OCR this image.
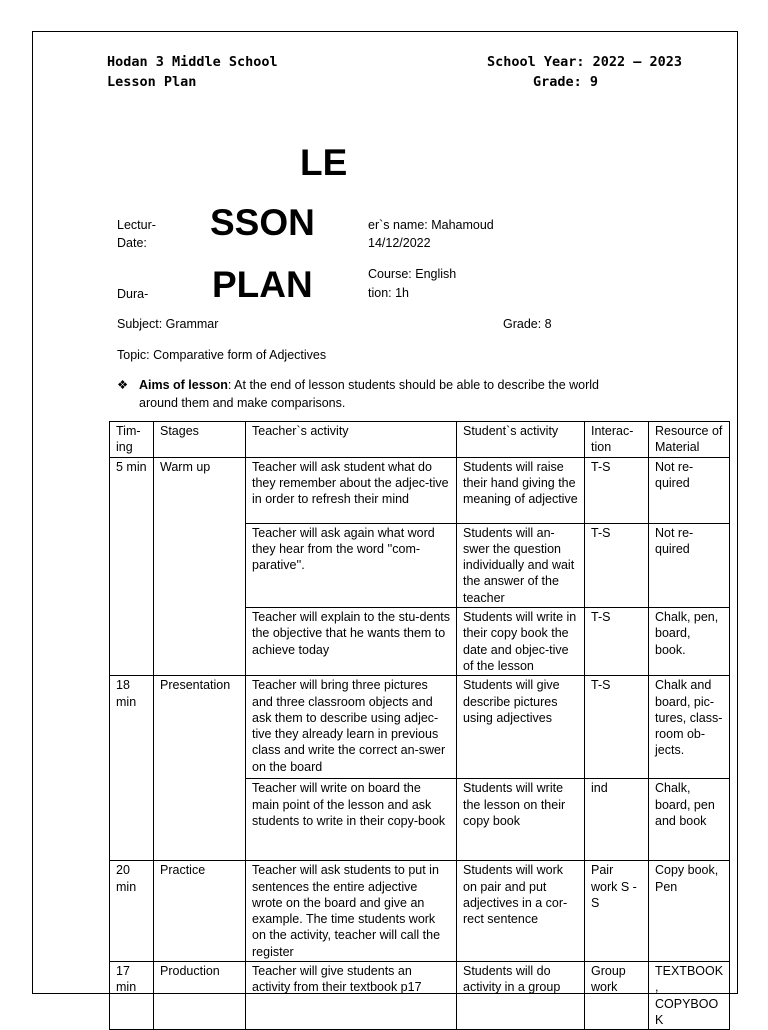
Hodan 3 Middle School
Lesson Plan
School Year: 2022 – 2023
Grade: 9
LE
SSON
PLAN
Lectur-	er`s name: Mahamoud
Date:	14/12/2022
Course: English
Dura-	tion: 1h
Subject: Grammar	Grade: 8
Topic: Comparative form of Adjectives
❖ Aims of lesson: At the end of lesson students should be able to describe the world around them and make comparisons.
Tim-ing	Stages	Teacher`s activity	Student`s activity	Interac-tion	Resource of Material
5 min	Warm up	Teacher will ask student what do they remember about the adjec-tive in order to refresh their mind	Students will raise their hand giving the meaning of adjective	T-S	Not re-quired
		Teacher will ask again what word they hear from the word ''com-parative''.	Students will an-swer the question individually and wait the answer of the teacher	T-S	Not re-quired
		Teacher will explain to the stu-dents the objective that he wants them to achieve today	Students will write in their copy book the date and objec-tive of the lesson	T-S	Chalk, pen, board, book.
18 min	Presentation	Teacher will bring three pictures and three classroom objects and ask them to describe using adjec-tive they already learn in previous class and write the correct an-swer on the board	Students will give describe pictures using adjectives	T-S	Chalk and board, pic-tures, class-room ob-jects.
		Teacher will write on board the main point of the lesson and ask students to write in their copy-book	Students will write the lesson on their copy book	ind	Chalk, board, pen and book
20 min	Practice	Teacher will ask students to put in sentences the entire adjective wrote on the board and give an example. The time students work on the activity, teacher will call the register	Students will work on pair and put adjectives in a cor-rect sentence	Pair work S - S	Copy book, Pen
17 min	Production	Teacher will give students an activity from their textbook p17	Students will do activity in a group	Group work	TEXTBOOK, COPYBOOK
